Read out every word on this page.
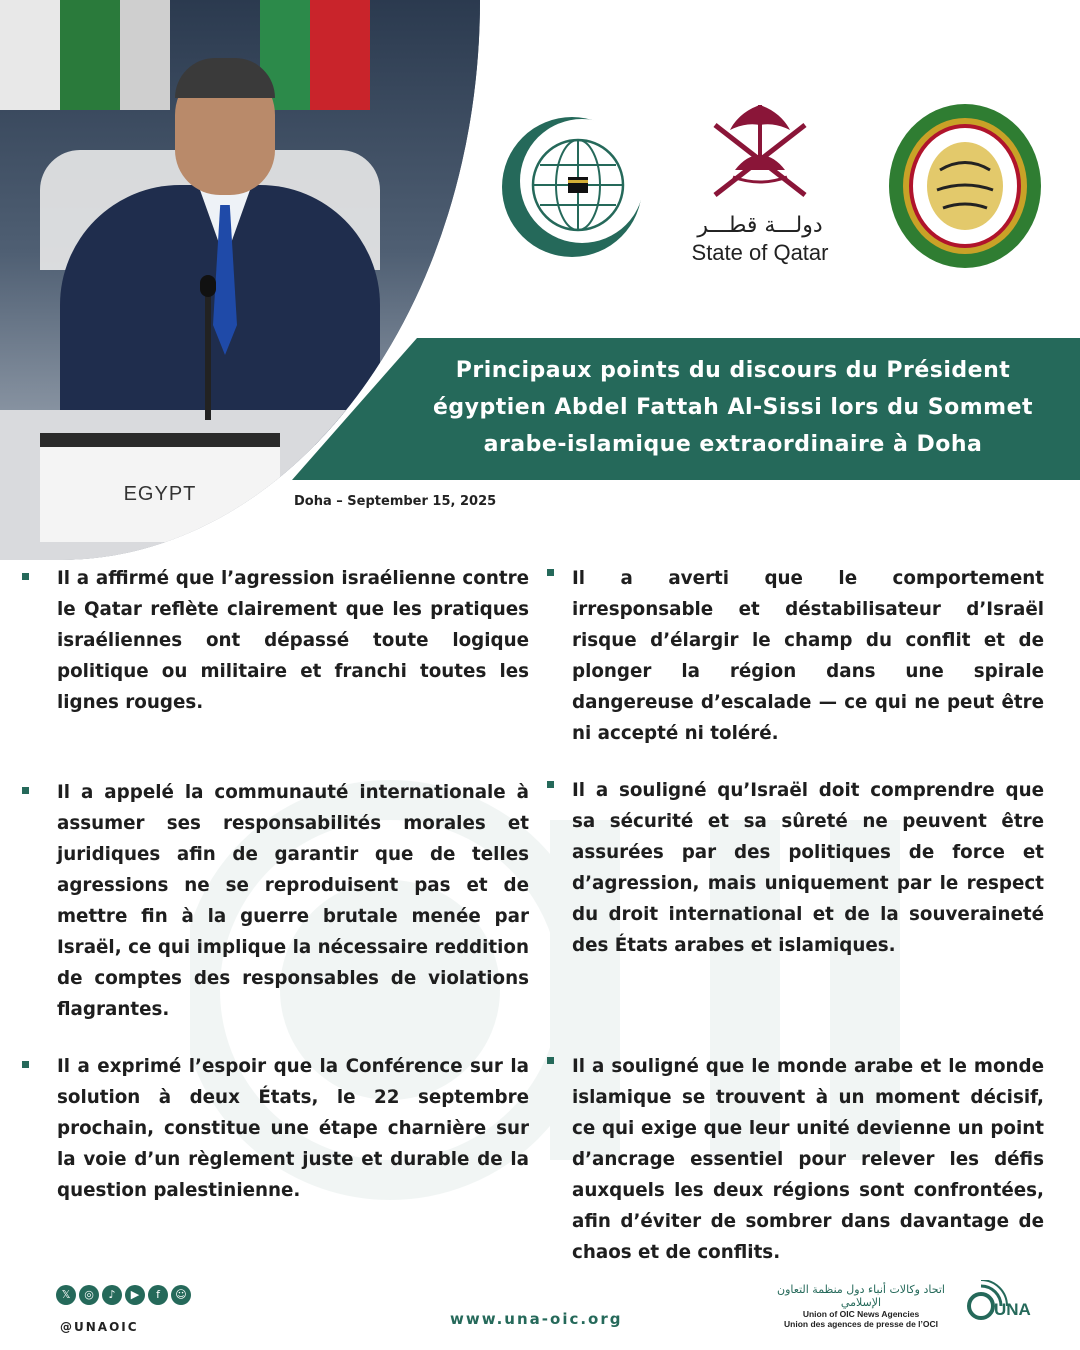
EGYPT
دولـــة قطـــر
State of Qatar
Principaux points du discours du Président égyptien Abdel Fattah Al-Sissi lors du Sommet arabe-islamique extraordinaire à Doha
Doha – September 15, 2025
Il a affirmé que l’agression israélienne contre le Qatar reflète clairement que les pratiques israéliennes ont dépassé toute logique politique ou militaire et franchi toutes les lignes rouges.
Il a averti que le comportement irresponsable et déstabilisateur d’Israël risque d’élargir le champ du conflit et de plonger la région dans une spirale dangereuse d’escalade — ce qui ne peut être ni accepté ni toléré.
Il a appelé la communauté internationale à assumer ses responsabilités morales et juridiques afin de garantir que de telles agressions ne se reproduisent pas et de mettre fin à la guerre brutale menée par Israël, ce qui implique la nécessaire reddition de comptes des responsables de violations flagrantes.
Il a souligné qu’Israël doit comprendre que sa sécurité et sa sûreté ne peuvent être assurées par des politiques de force et d’agression, mais uniquement par le respect du droit international et de la souveraineté des États arabes et islamiques.
Il a exprimé l’espoir que la Conférence sur la solution à deux États, le 22 septembre prochain, constitue une étape charnière sur la voie d’un règlement juste et durable de la question palestinienne.
Il a souligné que le monde arabe et le monde islamique se trouvent à un moment décisif, ce qui exige que leur unité devienne un point d’ancrage essentiel pour relever les défis auxquels les deux régions sont confrontées, afin d’éviter de sombrer dans davantage de chaos et de conflits.
𝕏	◎	♪	▶	f	☺
@UNAOIC	www.una-oic.org
اتحاد وكالات أنباء دول منظمة التعاون الإسلامي
Union of OIC News Agencies
Union des agences de presse de l’OCI
UNA
